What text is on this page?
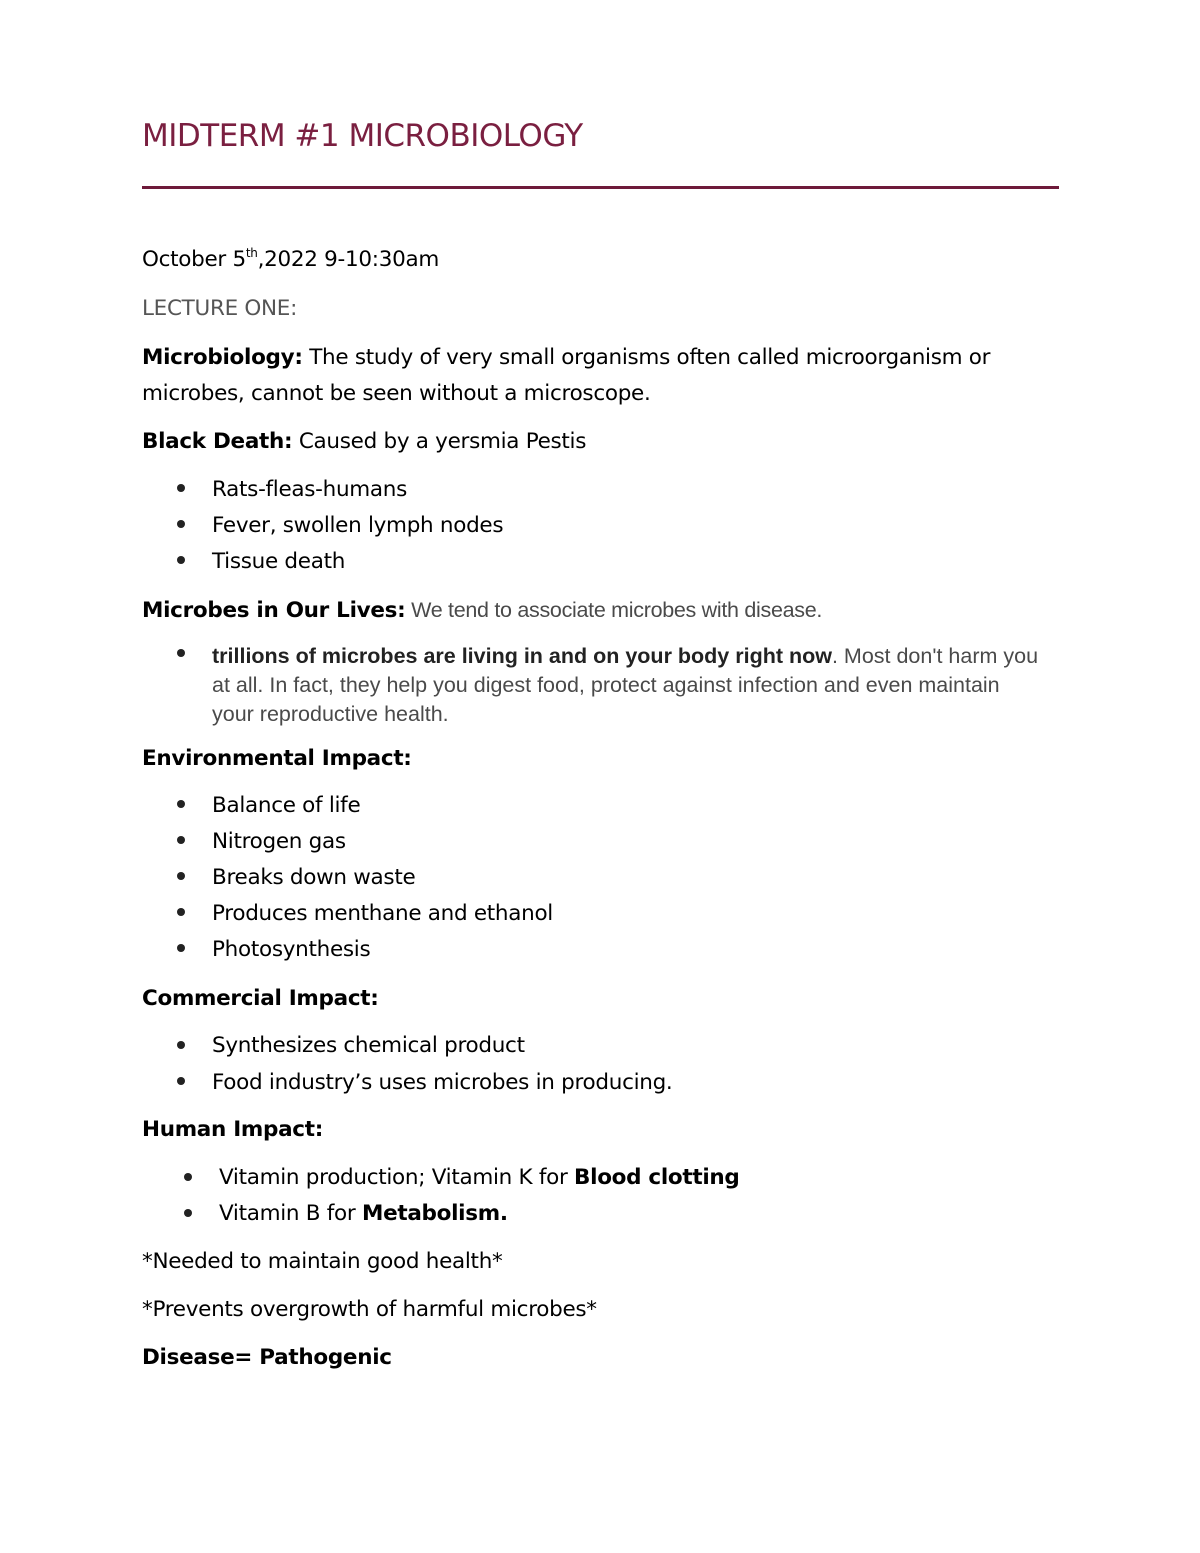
MIDTERM #1 MICROBIOLOGY
October 5th,2022 9-10:30am
LECTURE ONE:
Microbiology: The study of very small organisms often called microorganism or
microbes, cannot be seen without a microscope.
Black Death: Caused by a yersmia Pestis
Rats-fleas-humans
Fever, swollen lymph nodes
Tissue death
Microbes in Our Lives: We tend to associate microbes with disease.
trillions of microbes are living in and on your body right now. Most don't harm you at all. In fact, they help you digest food, protect against infection and even maintain your reproductive health.
Environmental Impact:
Balance of life
Nitrogen gas
Breaks down waste
Produces menthane and ethanol
Photosynthesis
Commercial Impact:
Synthesizes chemical product
Food industry’s uses microbes in producing.
Human Impact:
Vitamin production; Vitamin K for Blood clotting
Vitamin B for Metabolism.
*Needed to maintain good health*
*Prevents overgrowth of harmful microbes*
Disease= Pathogenic
